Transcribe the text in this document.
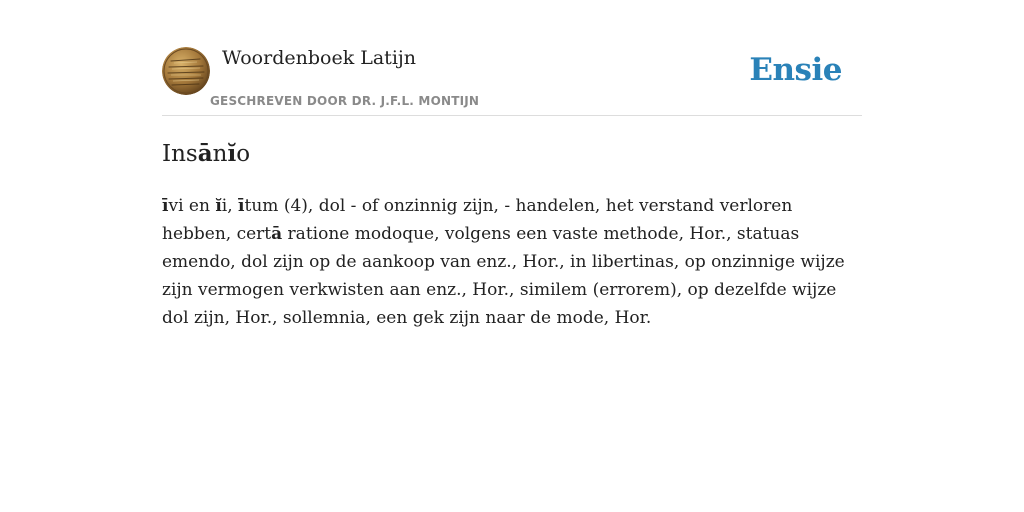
Woordenboek Latijn
GESCHREVEN DOOR DR. J.F.L. MONTIJN
Ensie
Insānĭo
īvi en ĭi, ītum (4), dol - of onzinnig zijn, - handelen, het verstand verloren hebben, certā ratione modoque, volgens een vaste methode, Hor., statuas emendo, dol zijn op de aankoop van enz., Hor., in libertinas, op onzinnige wijze zijn vermogen verkwisten aan enz., Hor., similem (errorem), op dezelfde wijze dol zijn, Hor., sollemnia, een gek zijn naar de mode, Hor.
